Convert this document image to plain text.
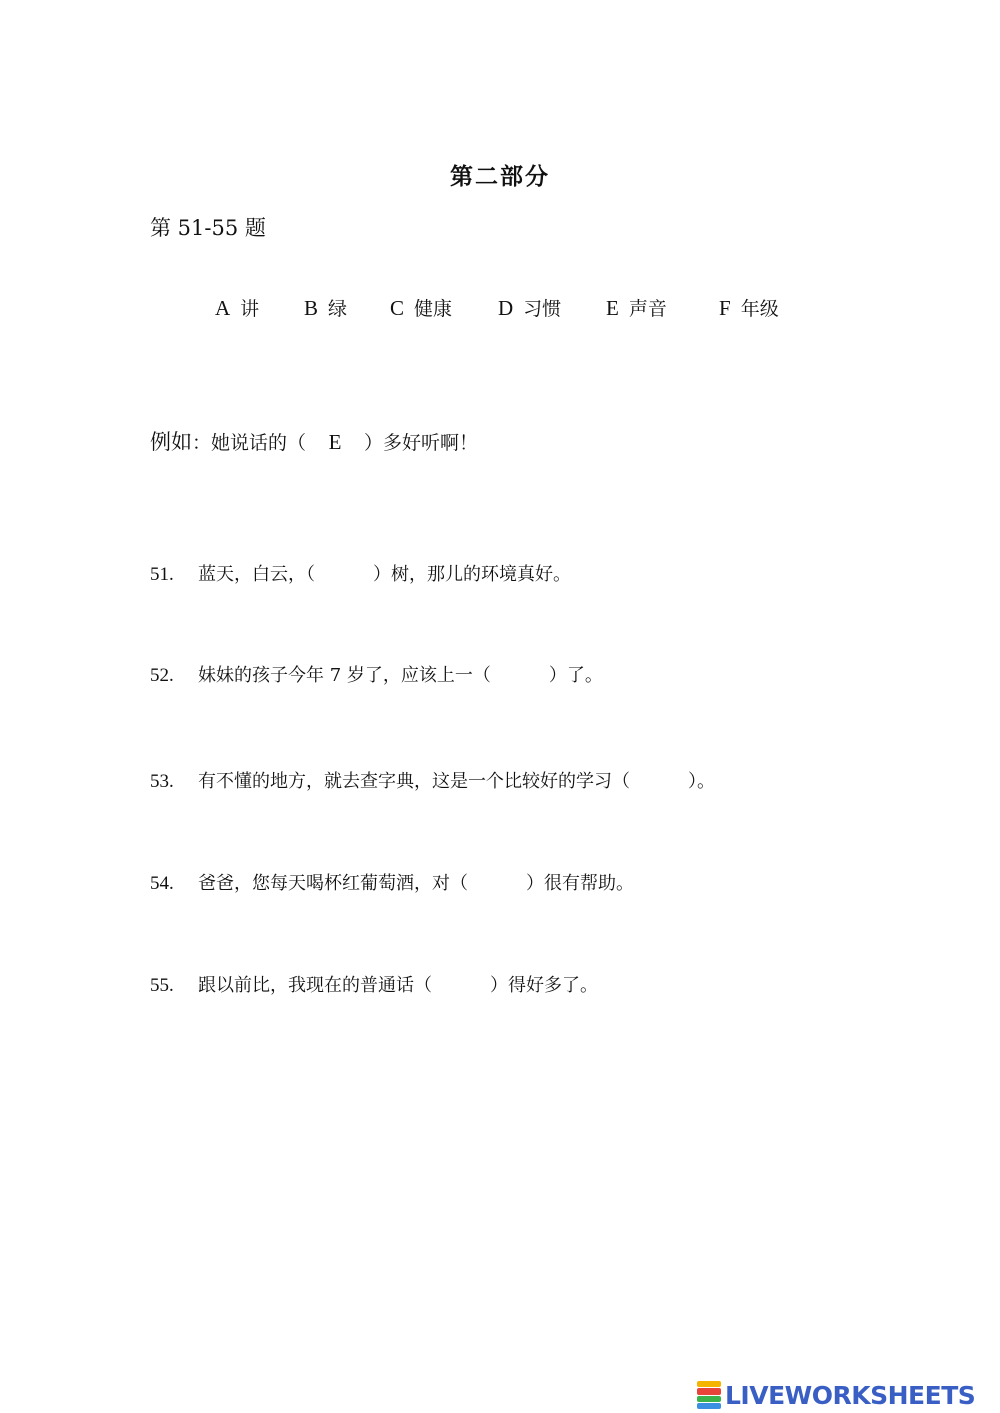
第二部分
第 51-55 题
A 讲 B 绿 C 健康 D 习惯 E 声音 F 年级
例如：她说话的（ E ）多好听啊！
51. 蓝天，白云，（	）树，那儿的环境真好。
52. 妹妹的孩子今年 7 岁了，应该上一（	）了。
53. 有不懂的地方，就去查字典，这是一个比较好的学习（	）。
54. 爸爸，您每天喝杯红葡萄酒，对（	）很有帮助。
55. 跟以前比，我现在的普通话（	）得好多了。
LIVEWORKSHEETS
